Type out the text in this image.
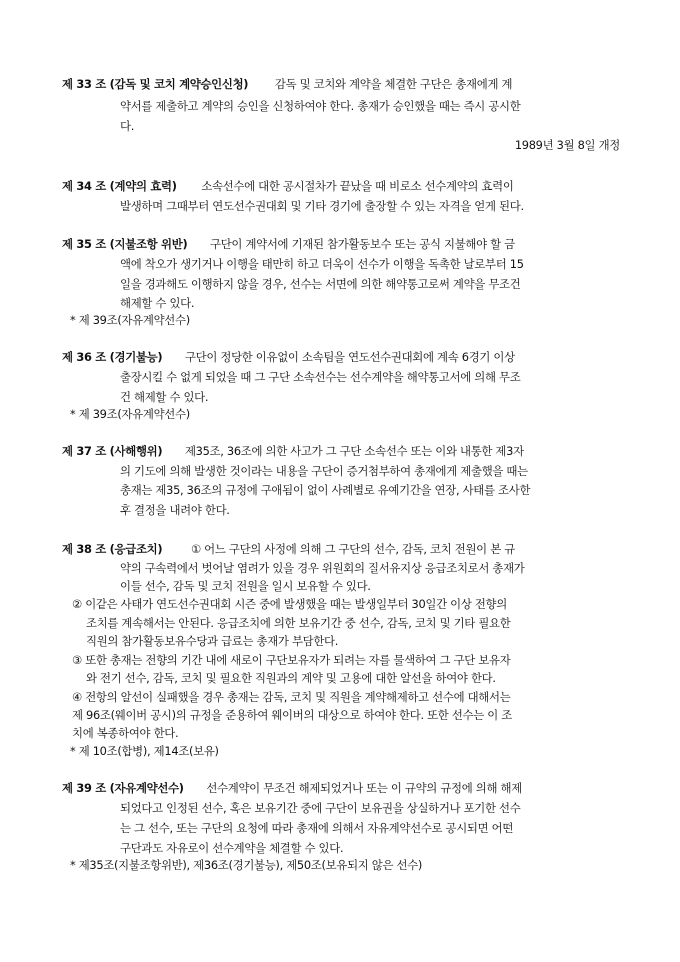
제 33 조 (감독 및 코치 계약승인신청) 감독 및 코치와 계약을 체결한 구단은 총재에게 계
약서를 제출하고 계약의 승인을 신청하여야 한다. 총재가 승인했을 때는 즉시 공시한
다.
1989년 3월 8일 개정
제 34 조 (계약의 효력) 소속선수에 대한 공시절차가 끝났을 때 비로소 선수계약의 효력이
발생하며 그때부터 연도선수권대회 및 기타 경기에 출장할 수 있는 자격을 얻게 된다.
제 35 조 (지불조항 위반) 구단이 계약서에 기재된 참가활동보수 또는 공식 지불해야 할 금
액에 착오가 생기거나 이행을 태만히 하고 더욱이 선수가 이행을 독촉한 날로부터 15
일을 경과해도 이행하지 않을 경우, 선수는 서면에 의한 해약통고로써 계약을 무조건
해제할 수 있다.
* 제 39조(자유계약선수)
제 36 조 (경기불능) 구단이 정당한 이유없이 소속팀을 연도선수권대회에 계속 6경기 이상
출장시킬 수 없게 되었을 때 그 구단 소속선수는 선수계약을 해약통고서에 의해 무조
건 해제할 수 있다.
* 제 39조(자유계약선수)
제 37 조 (사해행위) 제35조, 36조에 의한 사고가 그 구단 소속선수 또는 이와 내통한 제3자
의 기도에 의해 발생한 것이라는 내용을 구단이 증거첨부하여 총재에게 제출했을 때는
총재는 제35, 36조의 규정에 구애됨이 없이 사례별로 유예기간을 연장, 사태를 조사한
후 결정을 내려야 한다.
제 38 조 (응급조치)	① 어느 구단의 사정에 의해 그 구단의 선수, 감독, 코치 전원이 본 규
약의 구속력에서 벗어날 염려가 있을 경우 위원회의 질서유지상 응급조치로서 총재가
이들 선수, 감독 및 코치 전원을 일시 보유할 수 있다.
② 이같은 사태가 연도선수권대회 시즌 중에 발생했을 때는 발생일부터 30일간 이상 전향의
조치를 계속해서는 안된다. 응급조치에 의한 보유기간 중 선수, 감독, 코치 및 기타 필요한
직원의 참가활동보유수당과 급료는 총재가 부담한다.
③ 또한 총재는 전향의 기간 내에 새로이 구단보유자가 되려는 자를 물색하여 그 구단 보유자
와 전기 선수, 감독, 코치 및 필요한 직원과의 계약 및 고용에 대한 알선을 하여야 한다.
④ 전항의 알선이 실패했을 경우 총재는 감독, 코치 및 직원을 계약해제하고 선수에 대해서는
제 96조(웨이버 공시)의 규정을 준용하여 웨이버의 대상으로 하여야 한다. 또한 선수는 이 조
치에 복종하여야 한다.
* 제 10조(합병), 제14조(보유)
제 39 조 (자유계약선수) 선수계약이 무조건 해제되었거나 또는 이 규약의 규정에 의해 해제
되었다고 인정된 선수, 혹은 보유기간 중에 구단이 보유권을 상실하거나 포기한 선수
는 그 선수, 또는 구단의 요청에 따라 총재에 의해서 자유계약선수로 공시되면 어떤
구단과도 자유로이 선수계약을 체결할 수 있다.
* 제35조(지불조항위반), 제36조(경기불능), 제50조(보유되지 않은 선수)
